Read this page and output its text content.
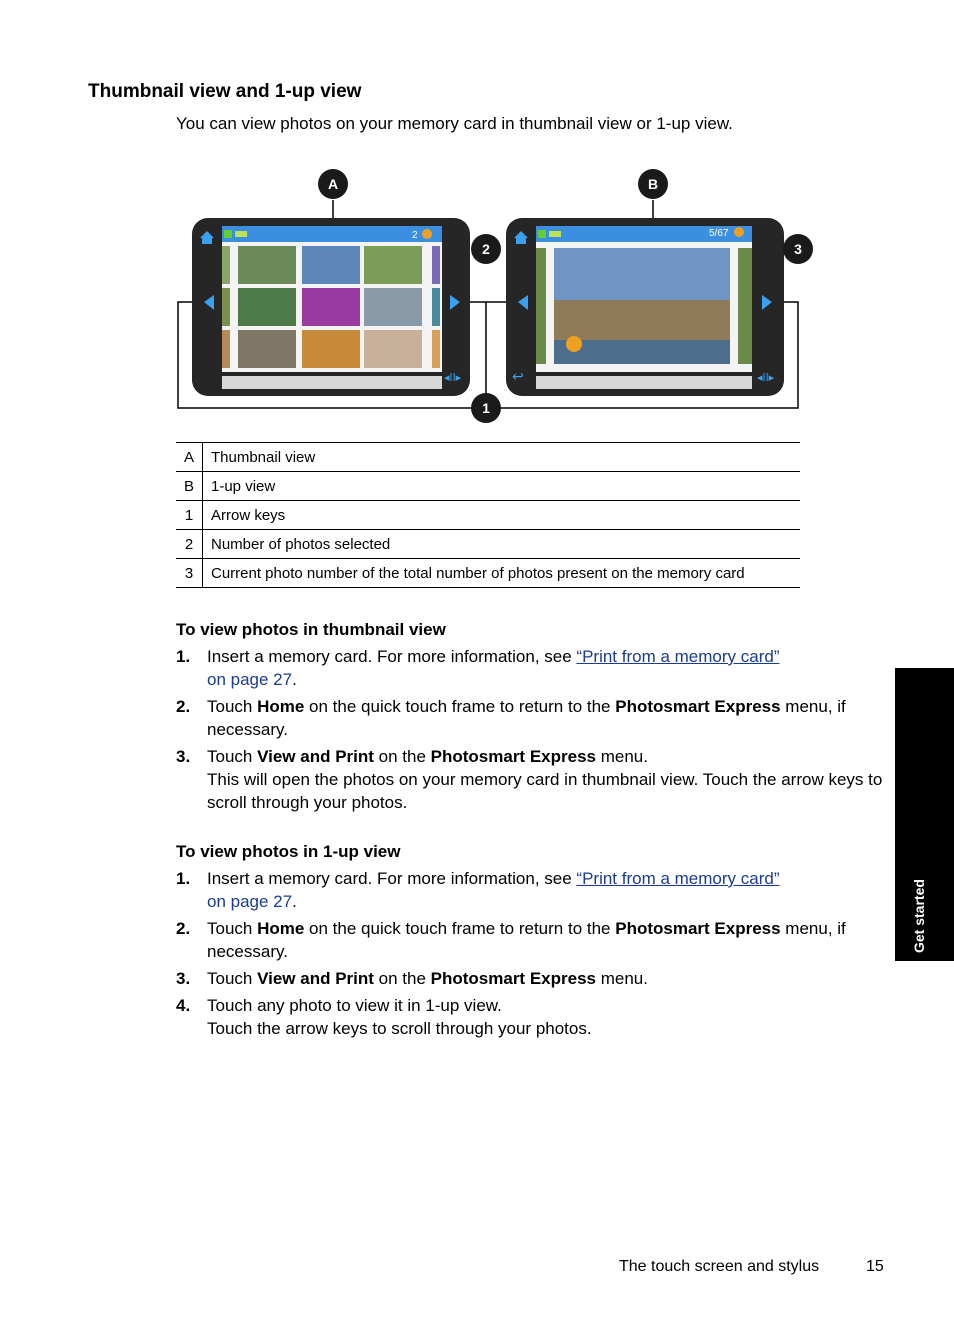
Thumbnail view and 1-up view
You can view photos on your memory card in thumbnail view or 1-up view.
2
◂ll▸
5/67
↩	◂ll▸
A	B
1
2	3
A	Thumbnail view
B	1-up view
1	Arrow keys
2	Number of photos selected
3	Current photo number of the total number of photos present on the memory card
To view photos in thumbnail view
1. Insert a memory card. For more information, see “Print from a memory card”
on page 27.
2. Touch Home on the quick touch frame to return to the Photosmart Express menu, if necessary.
3. Touch View and Print on the Photosmart Express menu.
This will open the photos on your memory card in thumbnail view. Touch the arrow keys to scroll through your photos.
To view photos in 1-up view
1. Insert a memory card. For more information, see “Print from a memory card”
on page 27.
2. Touch Home on the quick touch frame to return to the Photosmart Express menu, if necessary.
3. Touch View and Print on the Photosmart Express menu.
4. Touch any photo to view it in 1-up view.
Touch the arrow keys to scroll through your photos.
Get started
The touch screen and stylus	15
